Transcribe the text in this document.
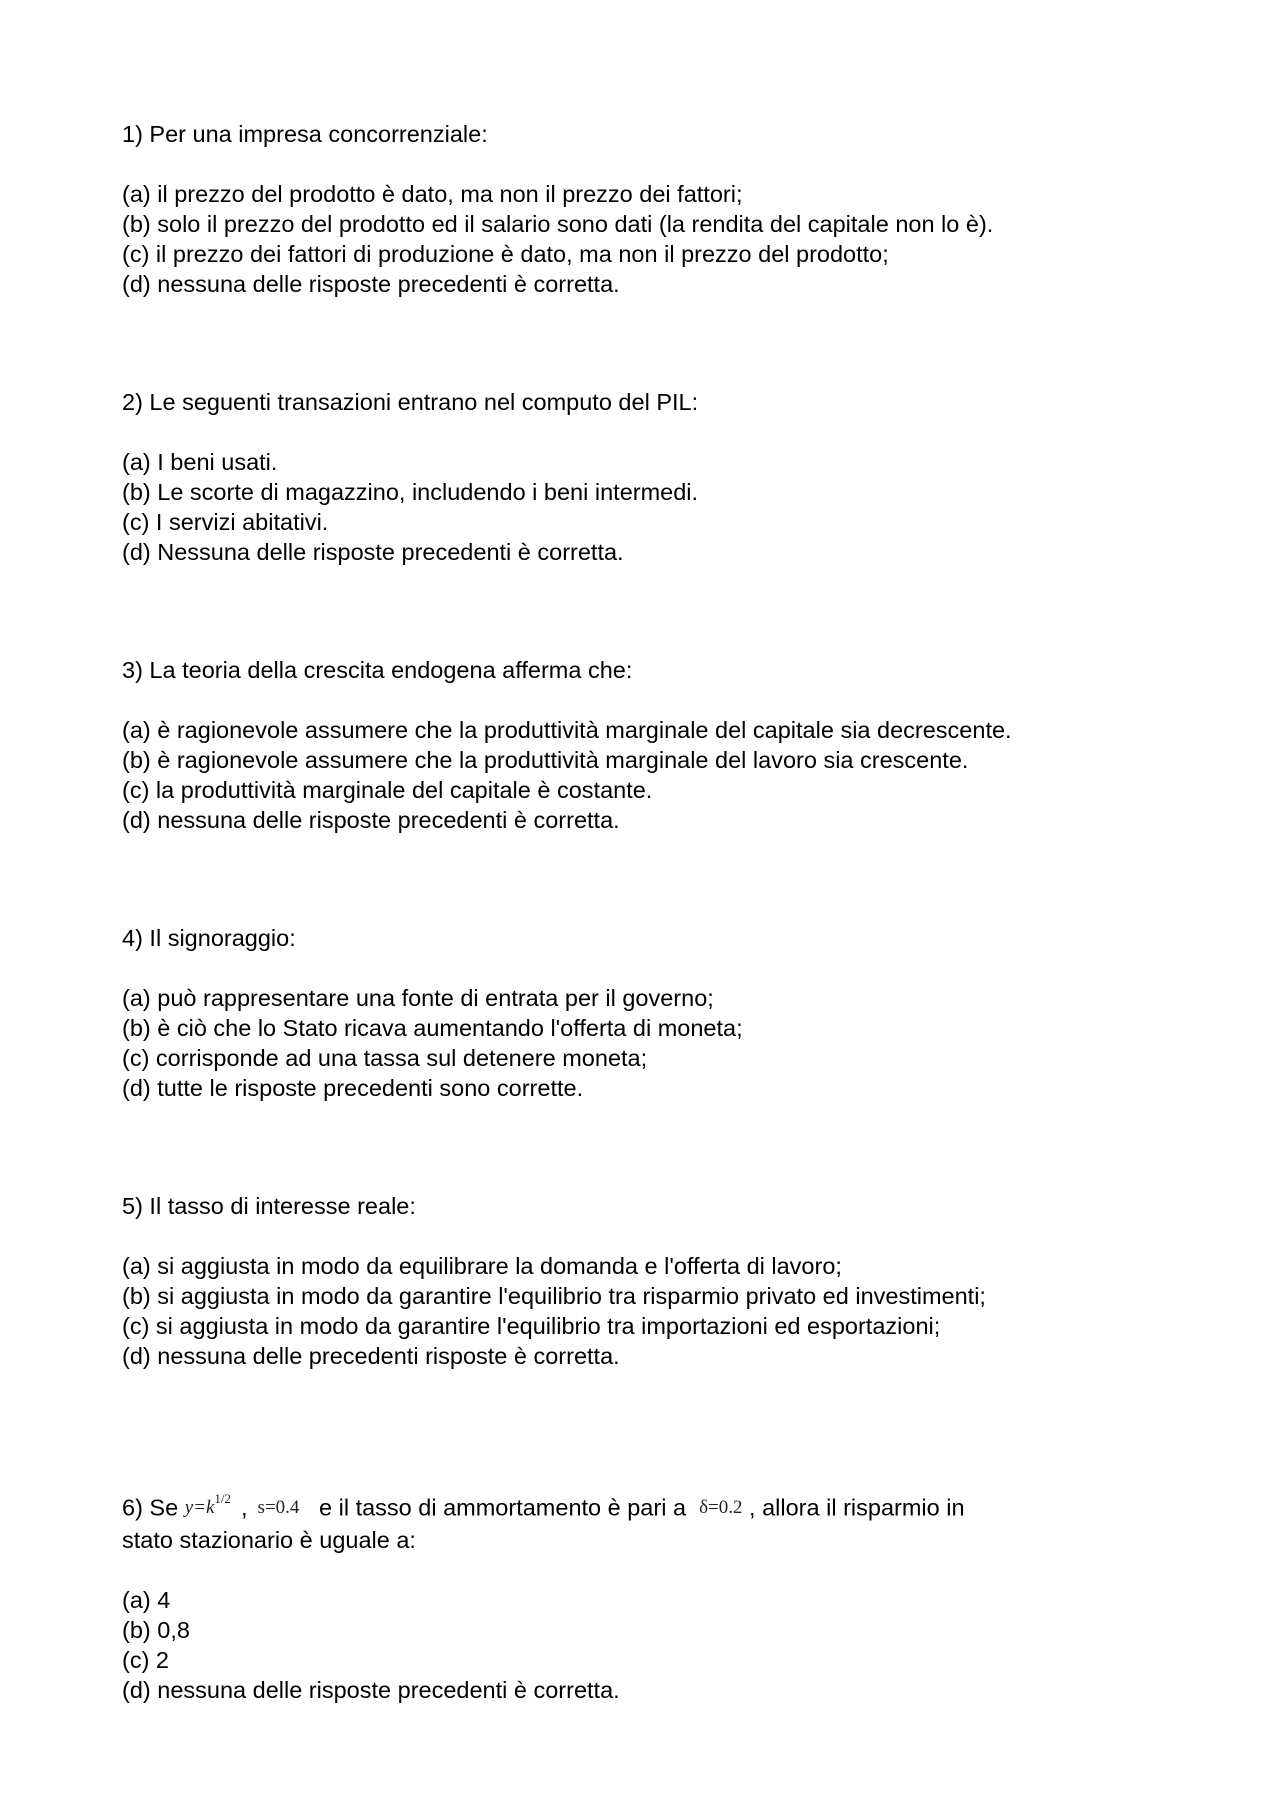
1) Per una impresa concorrenziale:

(a) il prezzo del prodotto è dato, ma non il prezzo dei fattori;

(b) solo il prezzo del prodotto ed il salario sono dati (la rendita del capitale non lo è).

(c) il prezzo dei fattori di produzione è dato, ma non il prezzo del prodotto;

(d) nessuna delle risposte precedenti è corretta.

2) Le seguenti transazioni entrano nel computo del PIL:

(a) I beni usati.

(b) Le scorte di magazzino, includendo i beni intermedi.

(c) I servizi abitativi.

(d) Nessuna delle risposte precedenti è corretta.

3) La teoria della crescita endogena afferma che:

(a) è ragionevole assumere che la produttività marginale del capitale sia decrescente.

(b) è ragionevole assumere che la produttività marginale del lavoro sia crescente.

(c) la produttività marginale del capitale è costante.

(d) nessuna delle risposte precedenti è corretta.

4) Il signoraggio:

(a) può rappresentare una fonte di entrata per il governo;

(b) è ciò che lo Stato ricava aumentando l'offerta di moneta;

(c) corrisponde ad una tassa sul detenere moneta;

(d) tutte le risposte precedenti sono corrette.

5) Il tasso di interesse reale:

(a) si aggiusta in modo da equilibrare la domanda e l'offerta di lavoro;

(b) si aggiusta in modo da garantire l'equilibrio tra risparmio privato ed investimenti;

(c) si aggiusta in modo da garantire l'equilibrio tra importazioni ed esportazioni;

(d) nessuna delle precedenti risposte è corretta.

6) Se $y=k^{1/2}$ , s=0.4 e il tasso di ammortamento è pari a δ=0.2 , allora il risparmio in

stato stazionario è uguale a:

(a) 4

(b) 0,8

(c) 2

(d) nessuna delle risposte precedenti è corretta.
